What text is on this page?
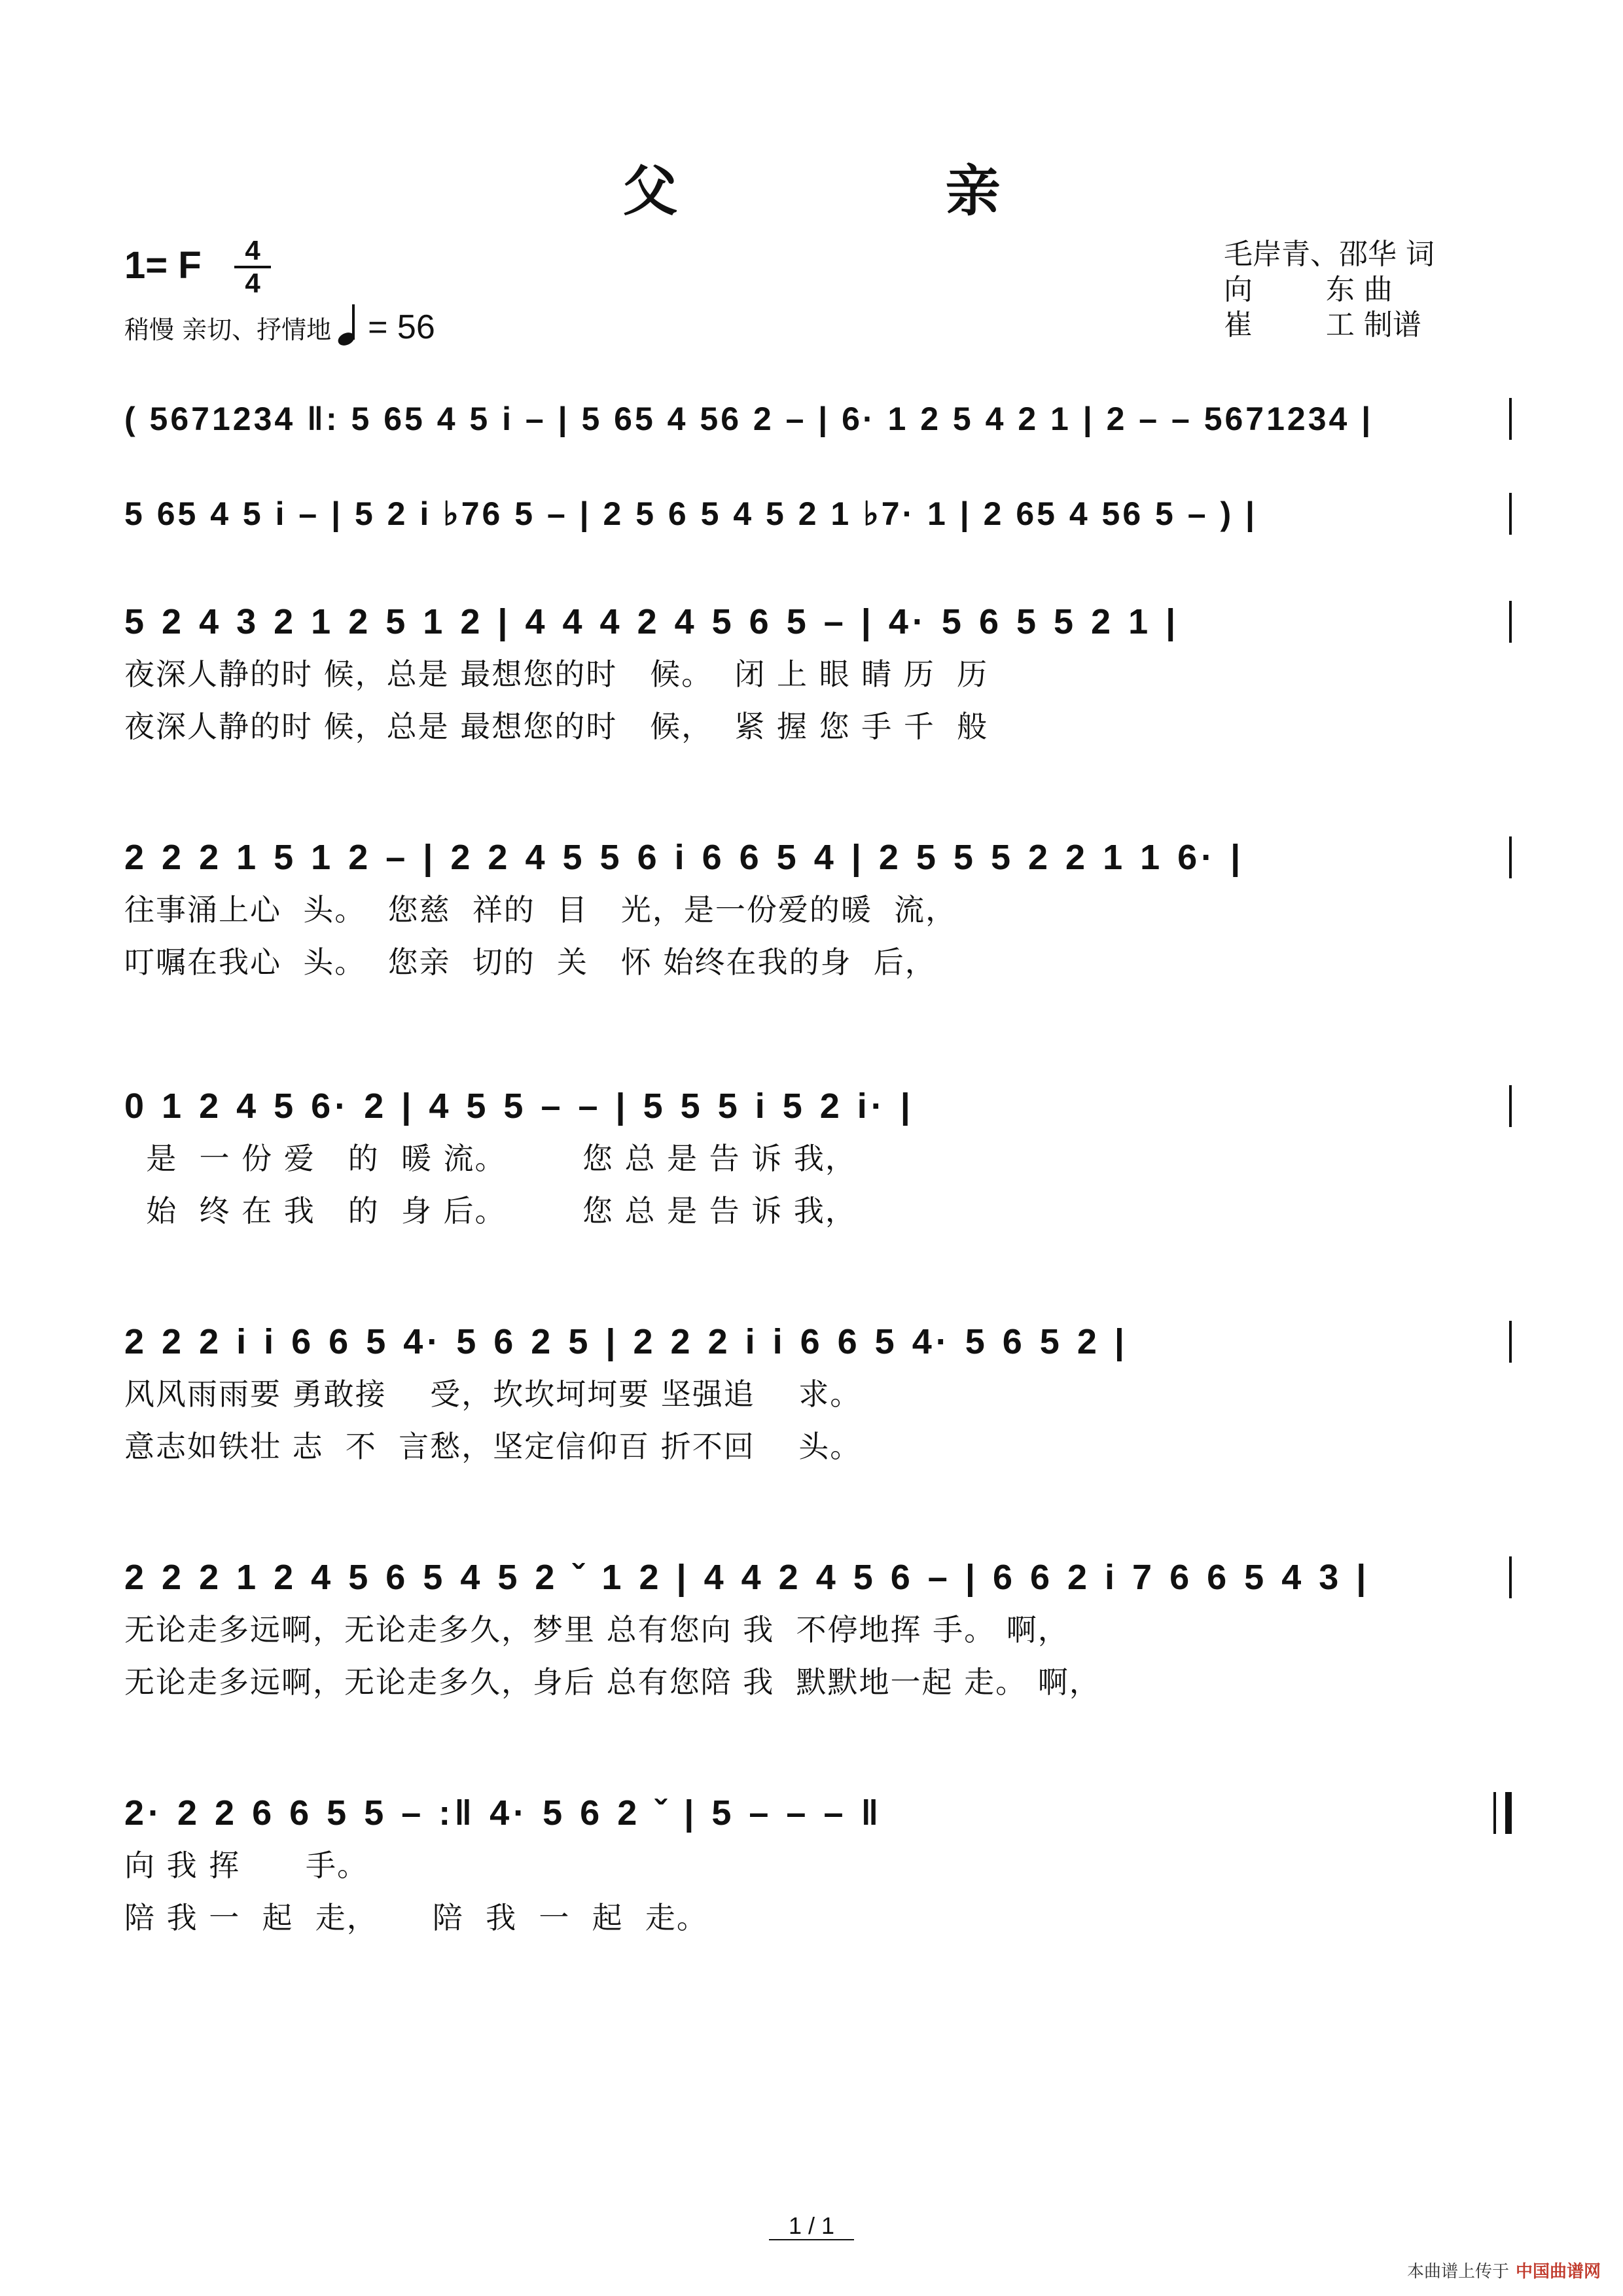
父 亲
1= F	4
4
稍慢 亲切、抒情地 = 56
毛岸青、邵华 词
向        东 曲
崔        工 制谱
( 5671234 ‖: 5 65 4 5 i – | 5 65 4 56 2 – | 6· 1 2 5 4 2 1 | 2 – – 5671234 |
5 65 4 5 i – | 5 2 i ♭76 5 – | 2 5 6 5 4 5 2 1 ♭7· 1 | 2 65 4 56 5 – ) |
5 2 4 3 2 1 2 5 1 2 | 4 4 4 2 4 5 6 5 – | 4· 5 6 5 5 2 1 |
夜深人静的时 候，总是 最想您的时   候。  闭 上 眼 睛 历  历
夜深人静的时 候，总是 最想您的时   候，  紧 握 您 手 千  般
2 2 2 1 5 1 2 – | 2 2 4 5 5 6 i 6 6 5 4 | 2 5 5 5 2 2 1 1 6· |
往事涌上心  头。  您慈  祥的  目   光，是一份爱的暖  流，
叮嘱在我心  头。  您亲  切的  关   怀 始终在我的身  后，
0 1 2 4 5 6· 2 | 4 5 5 – – | 5 5 5 i 5 2 i· |
是  一 份 爱   的  暖 流。       您 总 是 告 诉 我，
始  终 在 我   的  身 后。       您 总 是 告 诉 我，
2 2 2 i i 6 6 5 4· 5 6 2 5 | 2 2 2 i i 6 6 5 4· 5 6 5 2 |
风风雨雨要 勇敢接    受，坎坎坷坷要 坚强追    求。
意志如铁壮 志  不  言愁，坚定信仰百 折不回    头。
2 2 2 1 2 4 5 6 5 4 5 2 ˇ 1 2 | 4 4 2 4 5 6 – | 6 6 2 i 7 6 6 5 4 3 |
无论走多远啊，无论走多久，梦里 总有您向 我  不停地挥 手。 啊，
无论走多远啊，无论走多久，身后 总有您陪 我  默默地一起 走。 啊，
2· 2 2 6 6 5 5 – :‖ 4· 5 6 2 ˇ | 5 – – – ‖
向 我 挥      手。
陪 我 一  起  走，     陪  我  一  起  走。
1 / 1
本曲谱上传于 中国曲谱网
